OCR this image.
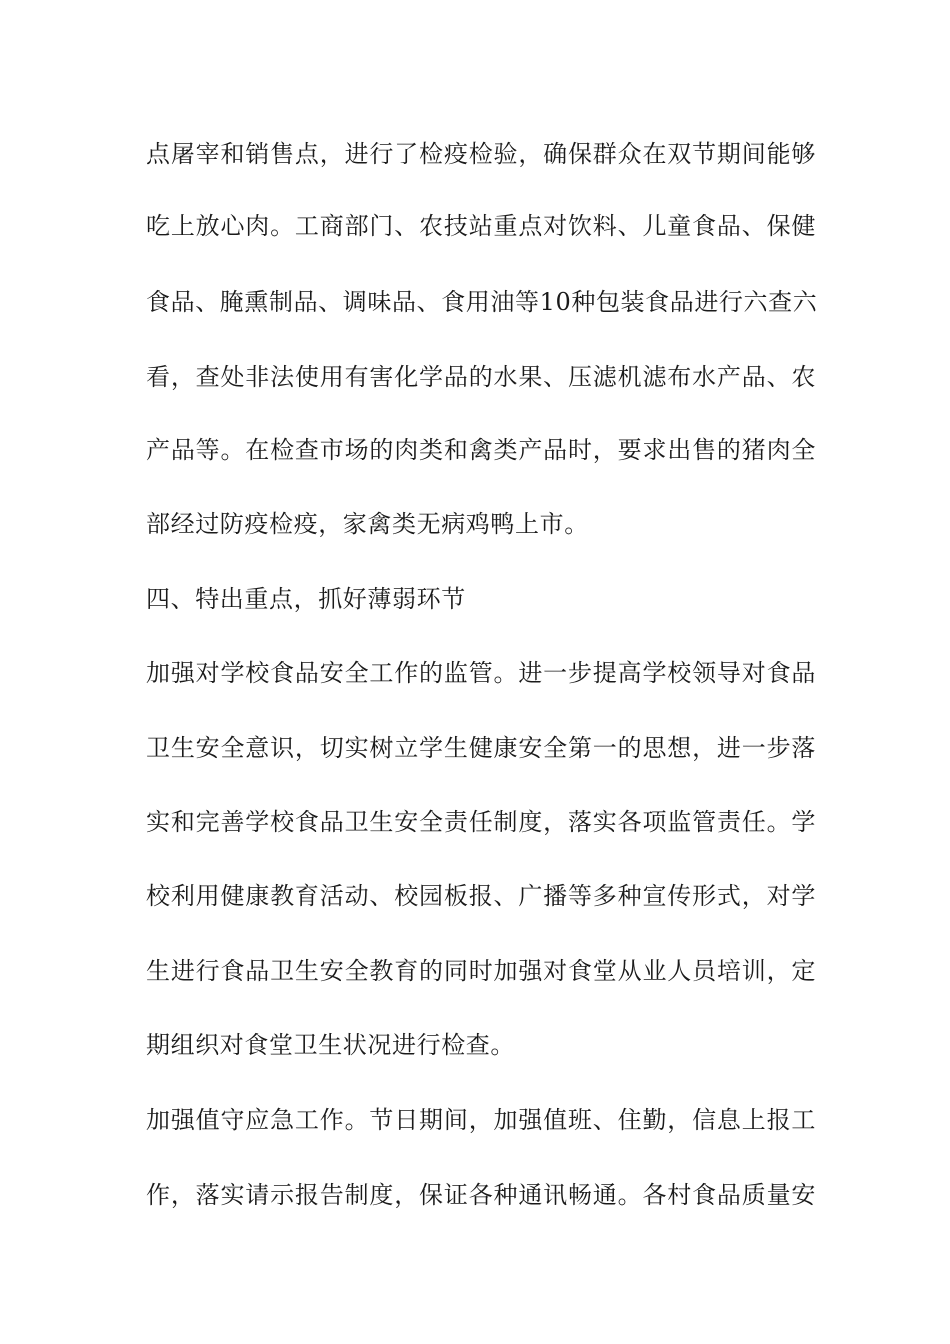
点屠宰和销售点，进行了检疫检验，确保群众在双节期间能够
吃上放心肉。工商部门、农技站重点对饮料、儿童食品、保健
食品、腌熏制品、调味品、食用油等10种包装食品进行六查六
看，查处非法使用有害化学品的水果、压滤机滤布水产品、农
产品等。在检查市场的肉类和禽类产品时，要求出售的猪肉全
部经过防疫检疫，家禽类无病鸡鸭上市。
四、特出重点，抓好薄弱环节
加强对学校食品安全工作的监管。进一步提高学校领导对食品
卫生安全意识，切实树立学生健康安全第一的思想，进一步落
实和完善学校食品卫生安全责任制度，落实各项监管责任。学
校利用健康教育活动、校园板报、广播等多种宣传形式，对学
生进行食品卫生安全教育的同时加强对食堂从业人员培训，定
期组织对食堂卫生状况进行检查。
加强值守应急工作。节日期间，加强值班、住勤，信息上报工
作，落实请示报告制度，保证各种通讯畅通。各村食品质量安
